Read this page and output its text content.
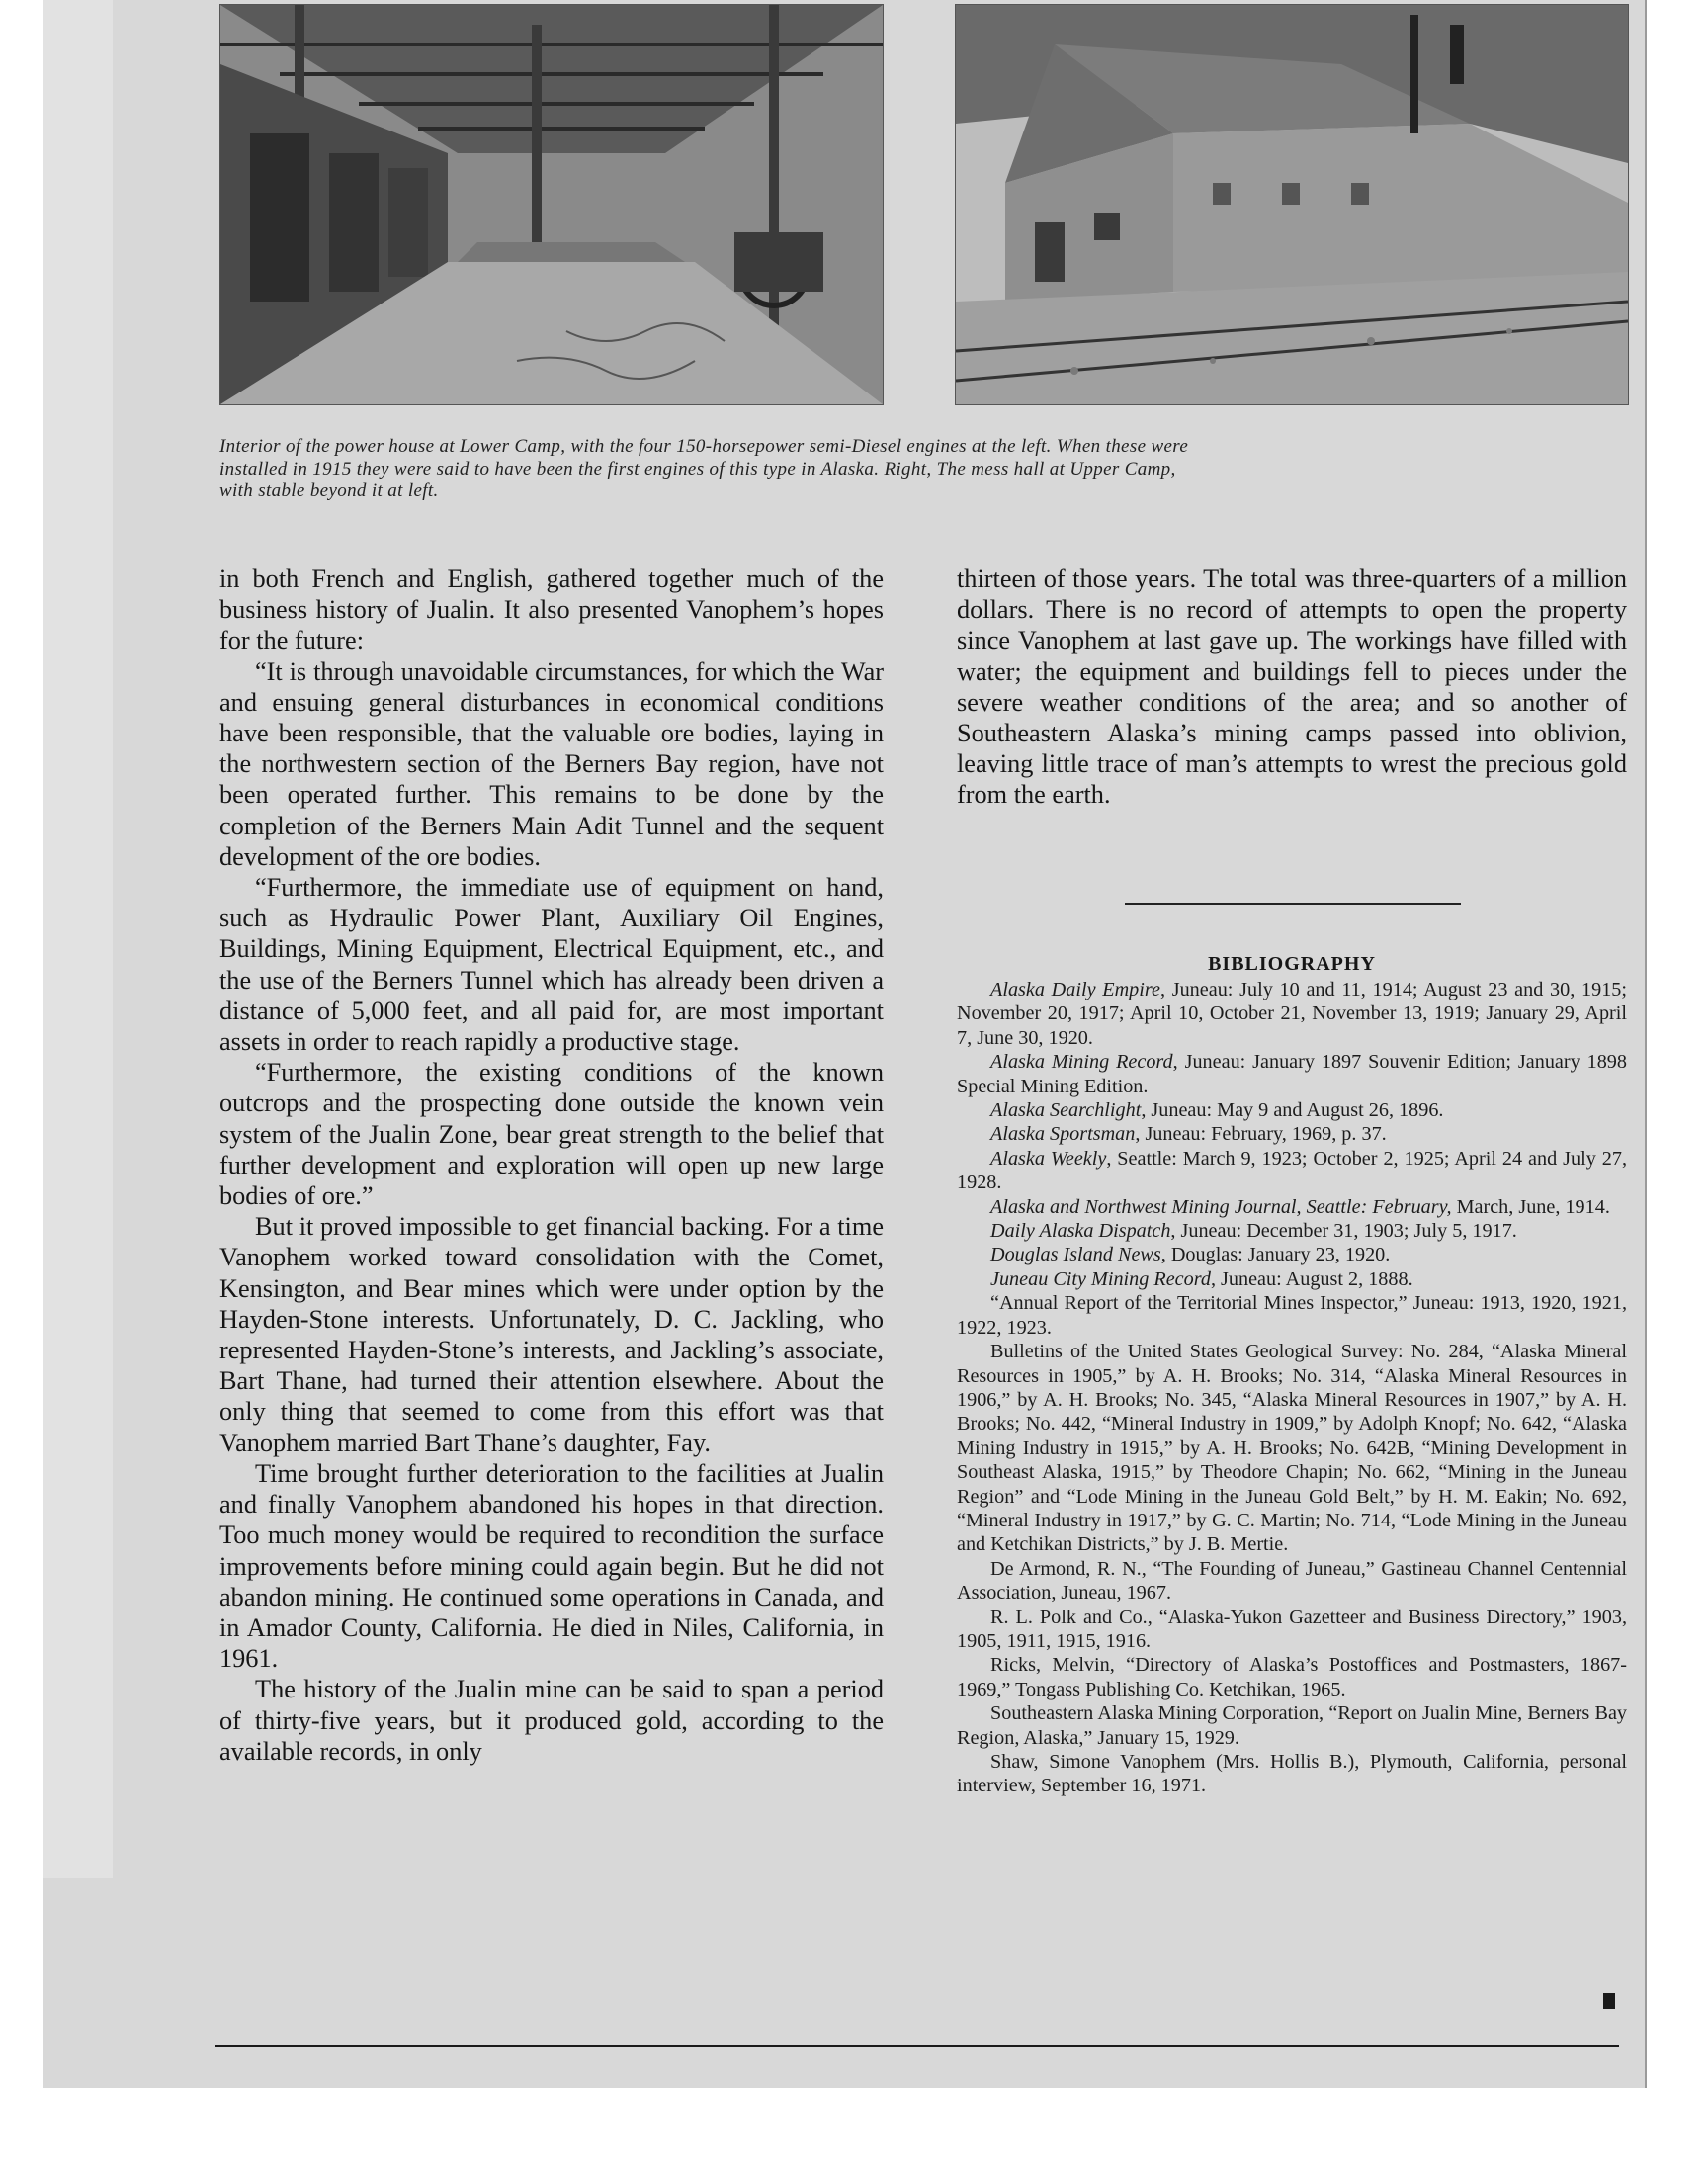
Interior of the power house at Lower Camp, with the four 150-horsepower semi-Diesel engines at the left. When these were installed in 1915 they were said to have been the first engines of this type in Alaska. Right, The mess hall at Upper Camp, with stable beyond it at left.

in both French and English, gathered together much of the business history of Jualin. It also presented Vanophem’s hopes for the future:

“It is through unavoidable circumstances, for which the War and ensuing general disturbances in economical conditions have been responsible, that the valuable ore bodies, laying in the northwestern section of the Berners Bay region, have not been operated further. This remains to be done by the completion of the Berners Main Adit Tunnel and the sequent development of the ore bodies.

“Furthermore, the immediate use of equipment on hand, such as Hydraulic Power Plant, Auxiliary Oil Engines, Buildings, Mining Equipment, Electrical Equipment, etc., and the use of the Berners Tunnel which has already been driven a distance of 5,000 feet, and all paid for, are most important assets in order to reach rapidly a productive stage.

“Furthermore, the existing conditions of the known outcrops and the prospecting done outside the known vein system of the Jualin Zone, bear great strength to the belief that further development and exploration will open up new large bodies of ore.”

But it proved impossible to get financial backing. For a time Vanophem worked toward consolidation with the Comet, Kensington, and Bear mines which were under option by the Hayden-Stone interests. Unfortunately, D. C. Jackling, who represented Hayden-Stone’s interests, and Jackling’s associate, Bart Thane, had turned their attention elsewhere. About the only thing that seemed to come from this effort was that Vanophem married Bart Thane’s daughter, Fay.

Time brought further deterioration to the facilities at Jualin and finally Vanophem abandoned his hopes in that direction. Too much money would be required to recondition the surface improvements before mining could again begin. But he did not abandon mining. He continued some operations in Canada, and in Amador County, California. He died in Niles, California, in 1961.

The history of the Jualin mine can be said to span a period of thirty-five years, but it produced gold, according to the available records, in only

thirteen of those years. The total was three-quarters of a million dollars. There is no record of attempts to open the property since Vanophem at last gave up. The workings have filled with water; the equipment and buildings fell to pieces under the severe weather conditions of the area; and so another of Southeastern Alaska’s mining camps passed into oblivion, leaving little trace of man’s attempts to wrest the precious gold from the earth.

BIBLIOGRAPHY

Alaska Daily Empire, Juneau: July 10 and 11, 1914; August 23 and 30, 1915; November 20, 1917; April 10, October 21, November 13, 1919; January 29, April 7, June 30, 1920.

Alaska Mining Record, Juneau: January 1897 Souvenir Edition; January 1898 Special Mining Edition.

Alaska Searchlight, Juneau: May 9 and August 26, 1896.

Alaska Sportsman, Juneau: February, 1969, p. 37.

Alaska Weekly, Seattle: March 9, 1923; October 2, 1925; April 24 and July 27, 1928.

Alaska and Northwest Mining Journal, Seattle: February, March, June, 1914.

Daily Alaska Dispatch, Juneau: December 31, 1903; July 5, 1917.

Douglas Island News, Douglas: January 23, 1920.

Juneau City Mining Record, Juneau: August 2, 1888.

“Annual Report of the Territorial Mines Inspector,” Juneau: 1913, 1920, 1921, 1922, 1923.

Bulletins of the United States Geological Survey: No. 284, “Alaska Mineral Resources in 1905,” by A. H. Brooks; No. 314, “Alaska Mineral Resources in 1906,” by A. H. Brooks; No. 345, “Alaska Mineral Resources in 1907,” by A. H. Brooks; No. 442, “Mineral Industry in 1909,” by Adolph Knopf; No. 642, “Alaska Mining Industry in 1915,” by A. H. Brooks; No. 642B, “Mining Development in Southeast Alaska, 1915,” by Theodore Chapin; No. 662, “Mining in the Juneau Region” and “Lode Mining in the Juneau Gold Belt,” by H. M. Eakin; No. 692, “Mineral Industry in 1917,” by G. C. Martin; No. 714, “Lode Mining in the Juneau and Ketchikan Districts,” by J. B. Mertie.

De Armond, R. N., “The Founding of Juneau,” Gastineau Channel Centennial Association, Juneau, 1967.

R. L. Polk and Co., “Alaska-Yukon Gazetteer and Business Directory,” 1903, 1905, 1911, 1915, 1916.

Ricks, Melvin, “Directory of Alaska’s Postoffices and Postmasters, 1867-1969,” Tongass Publishing Co. Ketchikan, 1965.

Southeastern Alaska Mining Corporation, “Report on Jualin Mine, Berners Bay Region, Alaska,” January 15, 1929.

Shaw, Simone Vanophem (Mrs. Hollis B.), Plymouth, California, personal interview, September 16, 1971.
